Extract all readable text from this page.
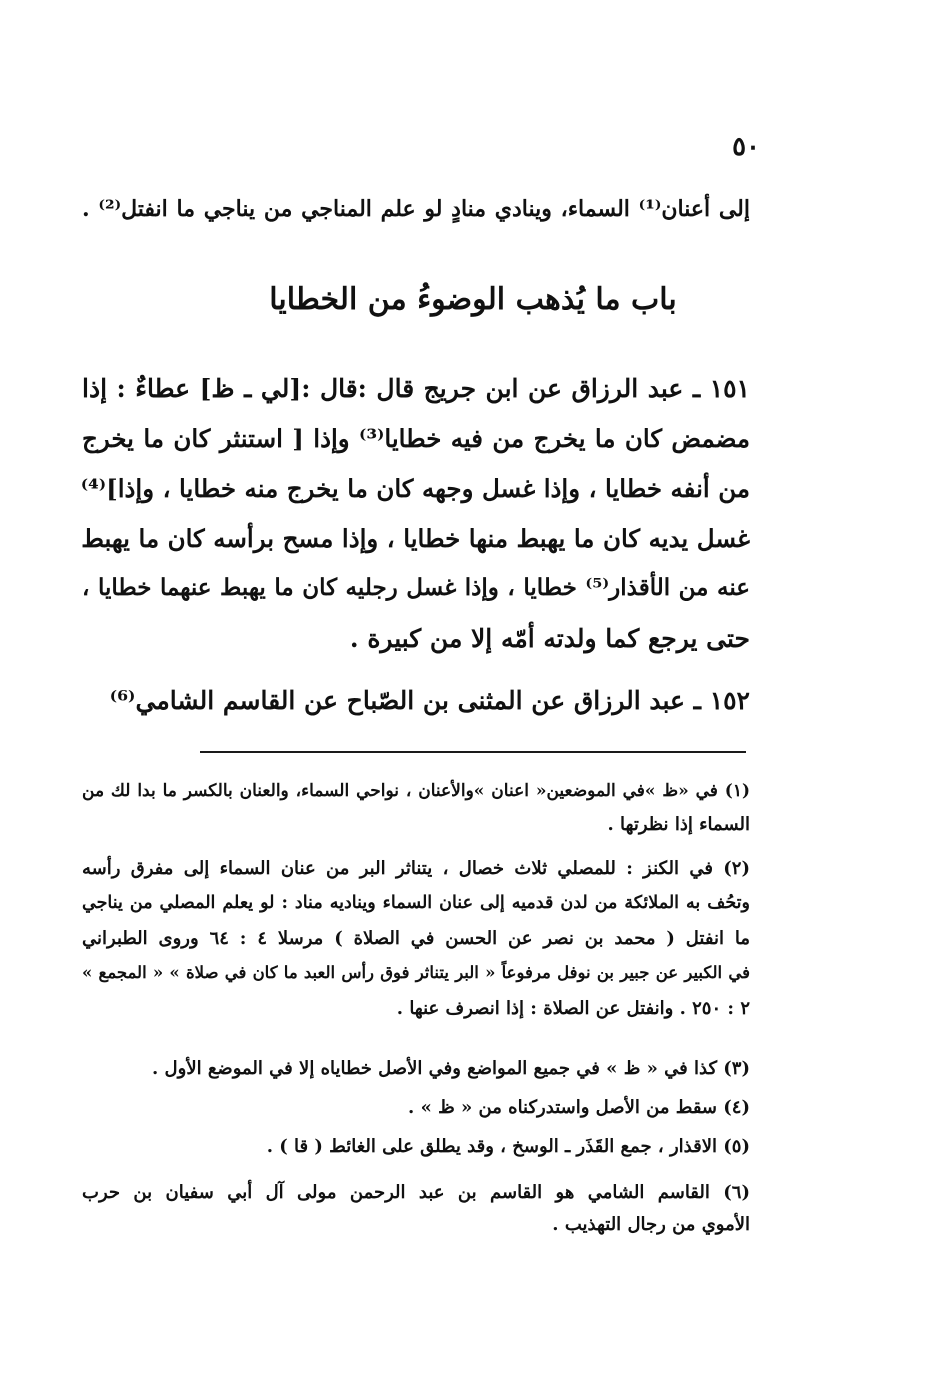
٥٠
إلى أعنان⁽¹⁾ السماء، وينادي منادٍ لو علم المناجي من يناجي ما انفتل⁽²⁾ .
باب ما يُذهب الوضوءُ من الخطايا
١٥١ ـ عبد الرزاق عن ابن جريج قال :قال :[لي ـ ظ] عطاءٌ : إذا
مضمض كان ما يخرج من فيه خطايا⁽³⁾ وإذا [ استنثر كان ما يخرج
من أنفه خطايا ، وإذا غسل وجهه كان ما يخرج منه خطايا ، وإذا]⁽⁴⁾
غسل يديه كان ما يهبط منها خطايا ، وإذا مسح برأسه كان ما يهبط
عنه من الأقذار⁽⁵⁾ خطايا ، وإذا غسل رجليه كان ما يهبط عنهما خطايا ،
حتى يرجع كما ولدته أمّه إلا من كبيرة .
١٥٢ ـ عبد الرزاق عن المثنى بن الصّباح عن القاسم الشامي⁽⁶⁾
(١) في «ظ »في الموضعين« اعنان »والأعنان ، نواحي السماء، والعنان بالكسر ما بدا لك من
السماء إذا نظرتها .
(٢) في الكنز : للمصلي ثلاث خصال ، يتناثر البر من عنان السماء إلى مفرق رأسه
وتحُف به الملائكة من لدن قدميه إلى عنان السماء ويناديه مناد : لو يعلم المصلي من يناجي
ما انفتل ( محمد بن نصر عن الحسن في الصلاة ) مرسلا ٤ : ٦٤ وروى الطبراني
في الكبير عن جبير بن نوفل مرفوعاً « البر يتناثر فوق رأس العبد ما كان في صلاة » « المجمع »
٢ : ٢٥٠ . وانفتل عن الصلاة : إذا انصرف عنها .
(٣) كذا في « ظ » في جميع المواضع وفي الأصل خطاياه إلا في الموضع الأول .
(٤) سقط من الأصل واستدركناه من « ظ » .
(٥) الاقذار ، جمع القَذَر ـ الوسخ ، وقد يطلق على الغائط ( قا ) .
(٦) القاسم الشامي هو القاسم بن عبد الرحمن مولى آل أبي سفيان بن حرب
الأموي من رجال التهذيب .
